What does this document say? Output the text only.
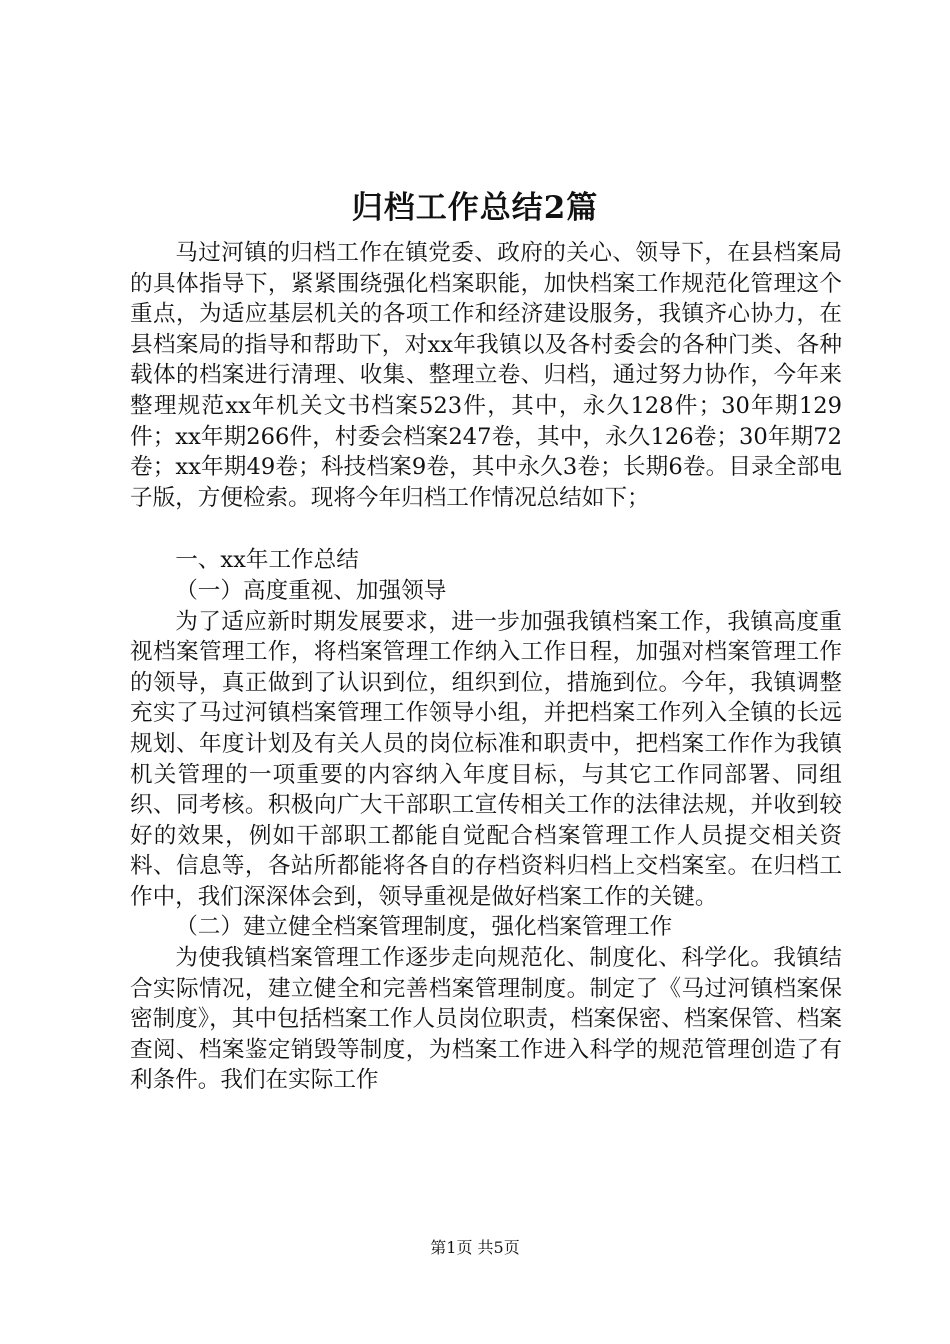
归档工作总结2篇

马过河镇的归档工作在镇党委、政府的关心、领导下，在县档案局的具体指导下，紧紧围绕强化档案职能，加快档案工作规范化管理这个重点，为适应基层机关的各项工作和经济建设服务，我镇齐心协力，在县档案局的指导和帮助下，对xx年我镇以及各村委会的各种门类、各种载体的档案进行清理、收集、整理立卷、归档，通过努力协作，今年来整理规范xx年机关文书档案523件，其中，永久128件；30年期129件；xx年期266件，村委会档案247卷，其中，永久126卷；30年期72卷；xx年期49卷；科技档案9卷，其中永久3卷；长期6卷。目录全部电子版，方便检索。现将今年归档工作情况总结如下；

一、xx年工作总结

（一）高度重视、加强领导

为了适应新时期发展要求，进一步加强我镇档案工作，我镇高度重视档案管理工作，将档案管理工作纳入工作日程，加强对档案管理工作的领导，真正做到了认识到位，组织到位，措施到位。今年，我镇调整充实了马过河镇档案管理工作领导小组，并把档案工作列入全镇的长远规划、年度计划及有关人员的岗位标准和职责中，把档案工作作为我镇机关管理的一项重要的内容纳入年度目标，与其它工作同部署、同组织、同考核。积极向广大干部职工宣传相关工作的法律法规，并收到较好的效果，例如干部职工都能自觉配合档案管理工作人员提交相关资料、信息等，各站所都能将各自的存档资料归档上交档案室。在归档工作中，我们深深体会到，领导重视是做好档案工作的关键。

（二）建立健全档案管理制度，强化档案管理工作

为使我镇档案管理工作逐步走向规范化、制度化、科学化。我镇结合实际情况，建立健全和完善档案管理制度。制定了《马过河镇档案保密制度》，其中包括档案工作人员岗位职责，档案保密、档案保管、档案查阅、档案鉴定销毁等制度，为档案工作进入科学的规范管理创造了有利条件。我们在实际工作

第1页 共5页
